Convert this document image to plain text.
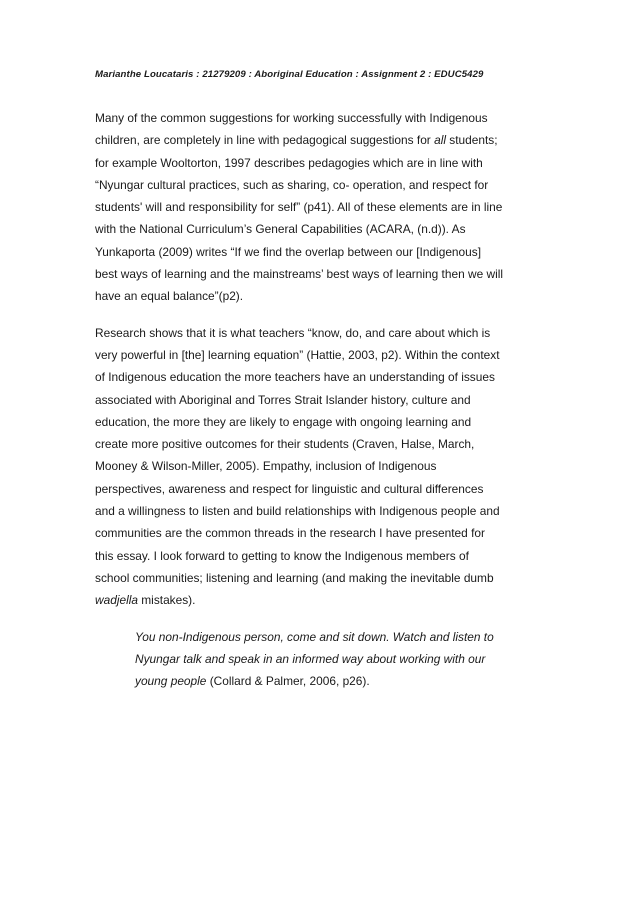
Marianthe Loucataris : 21279209 : Aboriginal Education : Assignment 2 : EDUC5429

Many of the common suggestions for working successfully with Indigenous
children, are completely in line with pedagogical suggestions for all students;
for example Wooltorton, 1997 describes pedagogies which are in line with
“Nyungar cultural practices, such as sharing, co- operation, and respect for
students' will and responsibility for self” (p41). All of these elements are in line
with the National Curriculum’s General Capabilities (ACARA, (n.d)). As
Yunkaporta (2009) writes “If we find the overlap between our [Indigenous]
best ways of learning and the mainstreams’ best ways of learning then we will
have an equal balance”(p2).

Research shows that it is what teachers “know, do, and care about which is
very powerful in [the] learning equation” (Hattie, 2003, p2). Within the context
of Indigenous education the more teachers have an understanding of issues
associated with Aboriginal and Torres Strait Islander history, culture and
education, the more they are likely to engage with ongoing learning and
create more positive outcomes for their students (Craven, Halse, March,
Mooney & Wilson-Miller, 2005). Empathy, inclusion of Indigenous
perspectives, awareness and respect for linguistic and cultural differences
and a willingness to listen and build relationships with Indigenous people and
communities are the common threads in the research I have presented for
this essay. I look forward to getting to know the Indigenous members of
school communities; listening and learning (and making the inevitable dumb
wadjella mistakes).

You non-Indigenous person, come and sit down. Watch and listen to
Nyungar talk and speak in an informed way about working with our
young people (Collard & Palmer, 2006, p26).
